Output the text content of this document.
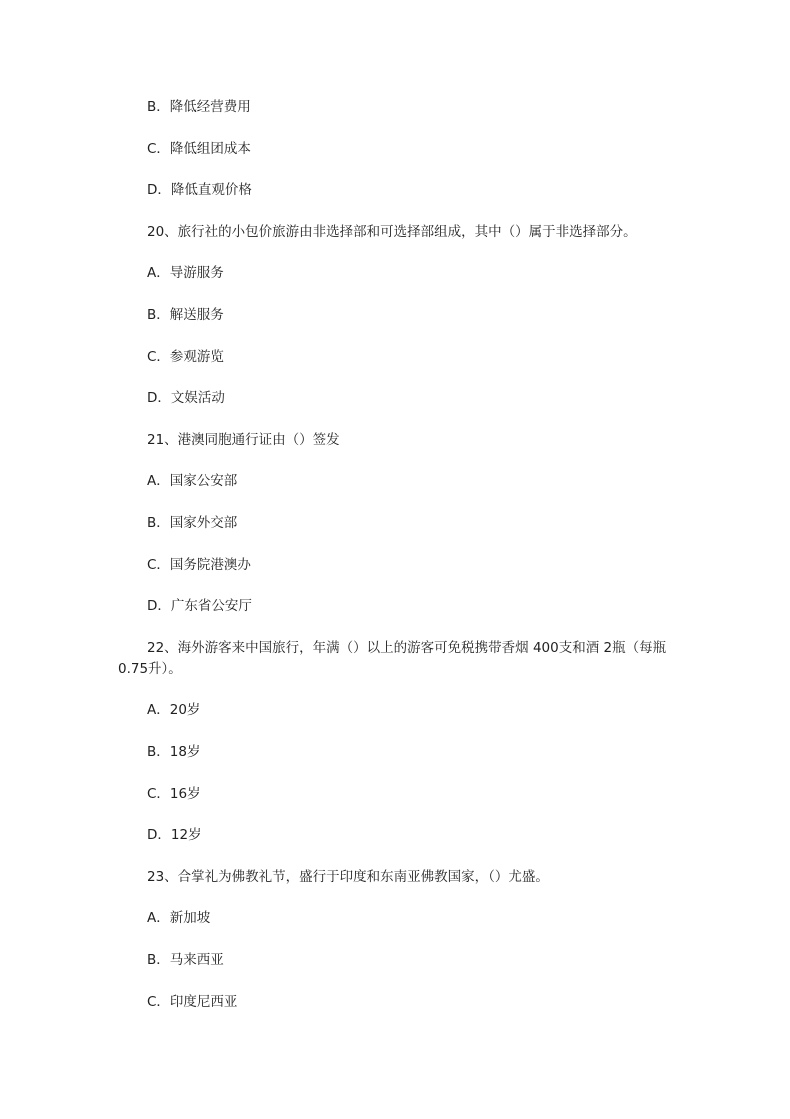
B．降低经营费用
C．降低组团成本
D．降低直观价格
20、旅行社的小包价旅游由非选择部和可选择部组成，其中（）属于非选择部分。
A．导游服务
B．解送服务
C．参观游览
D．文娱活动
21、港澳同胞通行证由（）签发
A．国家公安部
B．国家外交部
C．国务院港澳办
D．广东省公安厅
22、海外游客来中国旅行，年满（）以上的游客可免税携带香烟 400支和酒 2瓶（每瓶 0.75升）。
A．20岁
B．18岁
C．16岁
D．12岁
23、合掌礼为佛教礼节，盛行于印度和东南亚佛教国家，（）尤盛。
A．新加坡
B．马来西亚
C．印度尼西亚
